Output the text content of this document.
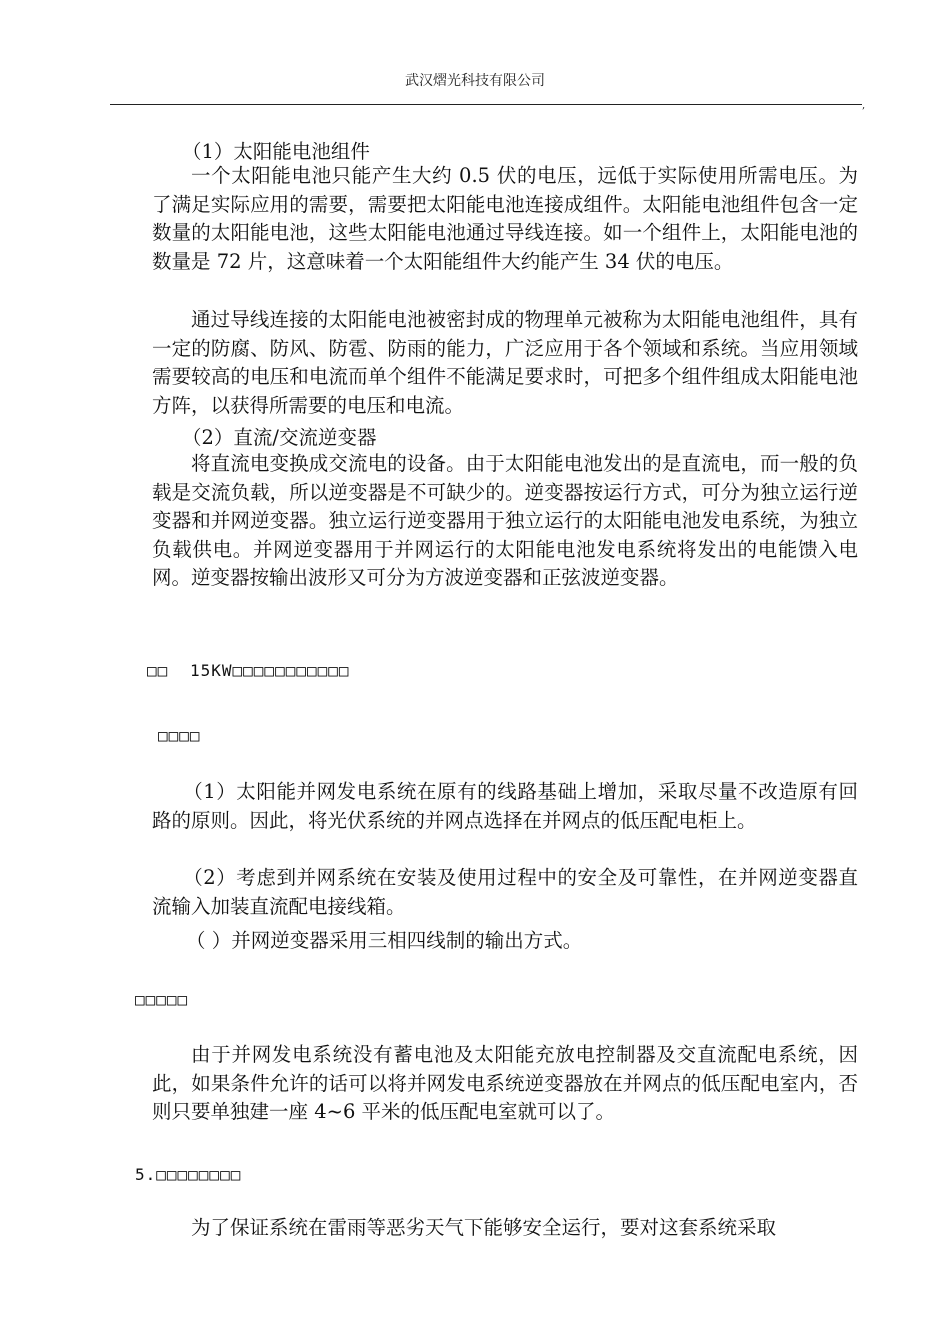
武汉熠光科技有限公司
,
（1）太阳能电池组件
一个太阳能电池只能产生大约 0.5 伏的电压，远低于实际使用所需电压。为了满足实际应用的需要，需要把太阳能电池连接成组件。太阳能电池组件包含一定数量的太阳能电池，这些太阳能电池通过导线连接。如一个组件上，太阳能电池的数量是 72 片，这意味着一个太阳能组件大约能产生 34 伏的电压。
通过导线连接的太阳能电池被密封成的物理单元被称为太阳能电池组件，具有一定的防腐、防风、防雹、防雨的能力，广泛应用于各个领域和系统。当应用领域需要较高的电压和电流而单个组件不能满足要求时，可把多个组件组成太阳能电池方阵，以获得所需要的电压和电流。
（2）直流/交流逆变器
将直流电变换成交流电的设备。由于太阳能电池发出的是直流电，而一般的负载是交流负载，所以逆变器是不可缺少的。逆变器按运行方式，可分为独立运行逆变器和并网逆变器。独立运行逆变器用于独立运行的太阳能电池发电系统，为独立负载供电。并网逆变器用于并网运行的太阳能电池发电系统将发出的电能馈入电网。逆变器按输出波形又可分为方波逆变器和正弦波逆变器。
□□ 15KW□□□□□□□□□□□
□□□□
（1）太阳能并网发电系统在原有的线路基础上增加，采取尽量不改造原有回路的原则。因此，将光伏系统的并网点选择在并网点的低压配电柜上。
（2）考虑到并网系统在安装及使用过程中的安全及可靠性，在并网逆变器直流输入加装直流配电接线箱。
（ ）并网逆变器采用三相四线制的输出方式。
□□□□□
由于并网发电系统没有蓄电池及太阳能充放电控制器及交直流配电系统，因此，如果条件允许的话可以将并网发电系统逆变器放在并网点的低压配电室内，否则只要单独建一座 4~6 平米的低压配电室就可以了。
5.□□□□□□□□
为了保证系统在雷雨等恶劣天气下能够安全运行，要对这套系统采取
